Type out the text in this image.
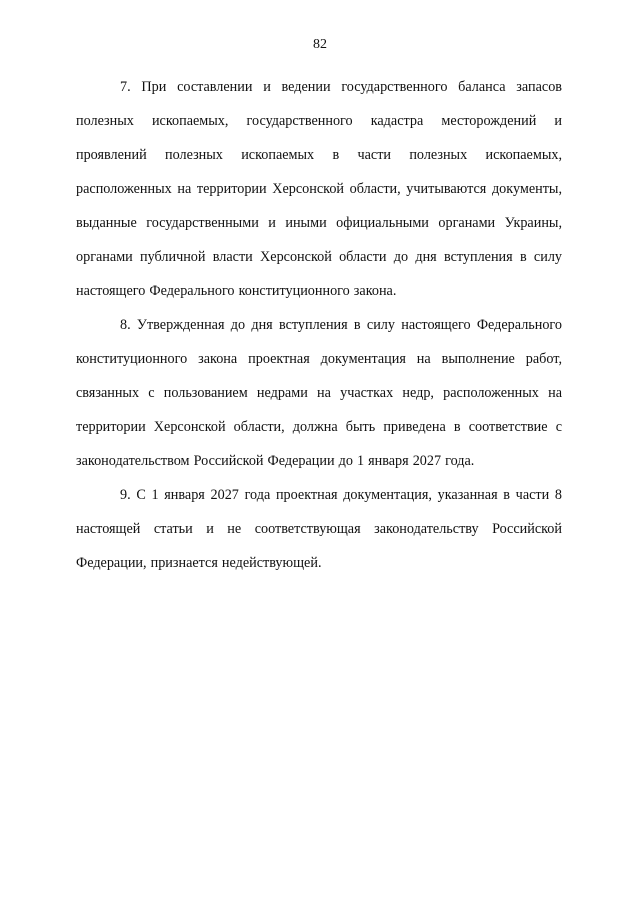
82

7. При составлении и ведении государственного баланса запасов полезных ископаемых, государственного кадастра месторождений и проявлений полезных ископаемых в части полезных ископаемых, расположенных на территории Херсонской области, учитываются документы, выданные государственными и иными официальными органами Украины, органами публичной власти Херсонской области до дня вступления в силу настоящего Федерального конституционного закона.

8. Утвержденная до дня вступления в силу настоящего Федерального конституционного закона проектная документация на выполнение работ, связанных с пользованием недрами на участках недр, расположенных на территории Херсонской области, должна быть приведена в соответствие с законодательством Российской Федерации до 1 января 2027 года.

9. С 1 января 2027 года проектная документация, указанная в части 8 настоящей статьи и не соответствующая законодательству Российской Федерации, признается недействующей.
